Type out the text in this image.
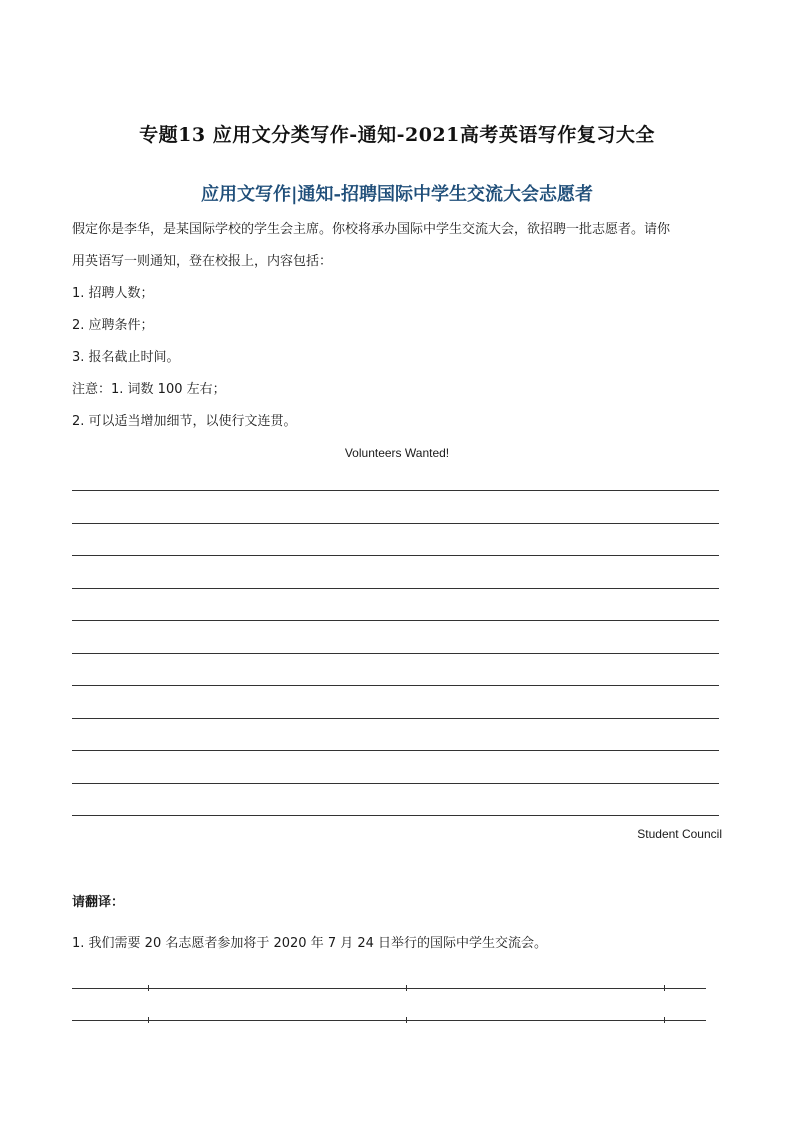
专题13 应用文分类写作-通知-2021高考英语写作复习大全
应用文写作|通知-招聘国际中学生交流大会志愿者

假定你是李华，是某国际学校的学生会主席。你校将承办国际中学生交流大会，欲招聘一批志愿者。请你

用英语写一则通知，登在校报上，内容包括：

1. 招聘人数；

2. 应聘条件；

3. 报名截止时间。

注意：1. 词数 100 左右；

2. 可以适当增加细节，以使行文连贯。

Volunteers Wanted!
Student Council
请翻译：
1. 我们需要 20 名志愿者参加将于 2020 年 7 月 24 日举行的国际中学生交流会。
